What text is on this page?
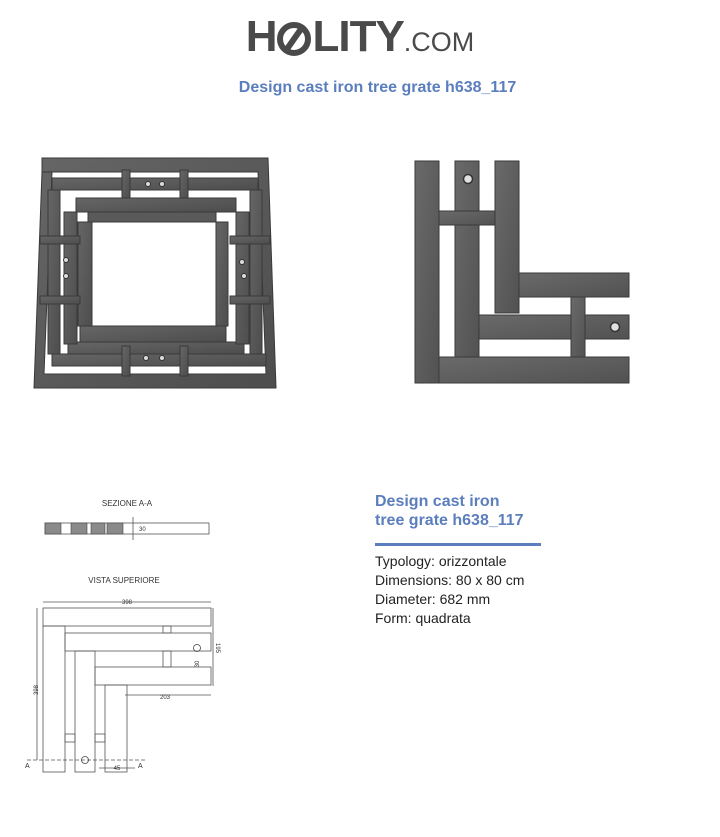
H LITY.COM
Design cast iron tree grate h638_117
SEZIONE A-A
30
VISTA SUPERIORE
398
398
195
203
30
45
A	A
Design cast iron
tree grate h638_117
Typology: orizzontale
Dimensions: 80 x 80 cm
Diameter: 682 mm
Form: quadrata
